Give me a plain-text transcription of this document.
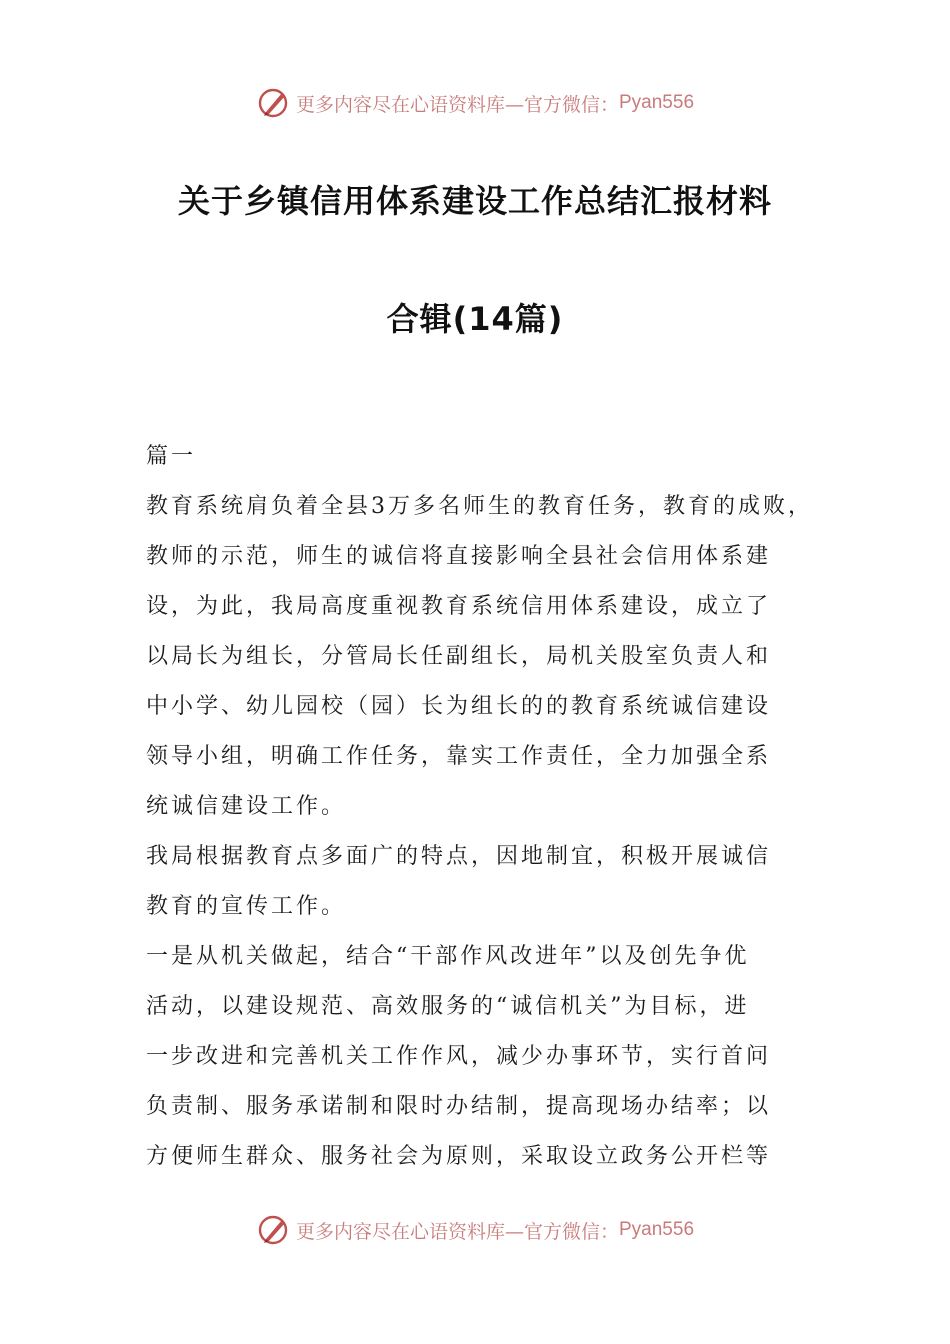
更多内容尽在心语资料库—官方微信： Pyan556
关于乡镇信用体系建设工作总结汇报材料
合辑(14篇)
篇一
教育系统肩负着全县3万多名师生的教育任务，教育的成败，
教师的示范，师生的诚信将直接影响全县社会信用体系建
设，为此，我局高度重视教育系统信用体系建设，成立了
以局长为组长，分管局长任副组长，局机关股室负责人和
中小学、幼儿园校（园）长为组长的的教育系统诚信建设
领导小组，明确工作任务，靠实工作责任，全力加强全系
统诚信建设工作。
我局根据教育点多面广的特点，因地制宜，积极开展诚信
教育的宣传工作。
一是从机关做起，结合“干部作风改进年”以及创先争优
活动，以建设规范、高效服务的“诚信机关”为目标，进
一步改进和完善机关工作作风，减少办事环节，实行首问
负责制、服务承诺制和限时办结制，提高现场办结率；以
方便师生群众、服务社会为原则，采取设立政务公开栏等
更多内容尽在心语资料库—官方微信： Pyan556
